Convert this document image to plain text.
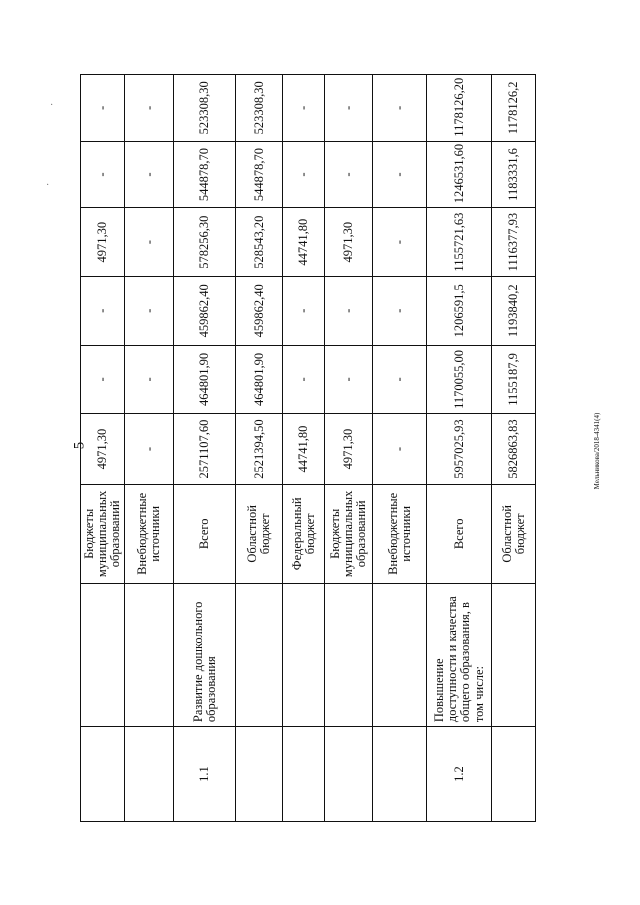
5	Мельникова/2018-4341(4)
·
·
		Бюджеты муниципальных образований	4971,30	-	-	4971,30	-	-
		Внебюджетные источники	-	-	-	-	-	-
1.1	Развитие дошкольного образования	Всего	2571107,60	464801,90	459862,40	578256,30	544878,70	523308,30
		Областной бюджет	2521394,50	464801,90	459862,40	528543,20	544878,70	523308,30
		Федеральный бюджет	44741,80	-	-	44741,80	-	-
		Бюджеты муниципальных образований	4971,30	-	-	4971,30	-	-
		Внебюджетные источники	-	-	-	-	-	-
1.2	Повышение доступности и качества общего образования, в том числе:	Всего	5957025,93	1170055,00	1206591,5	1155721,63	1246531,60	1178126,20
		Областной бюджет	5826863,83	1155187,9	1193840,2	1116377,93	1183331,6	1178126,2
